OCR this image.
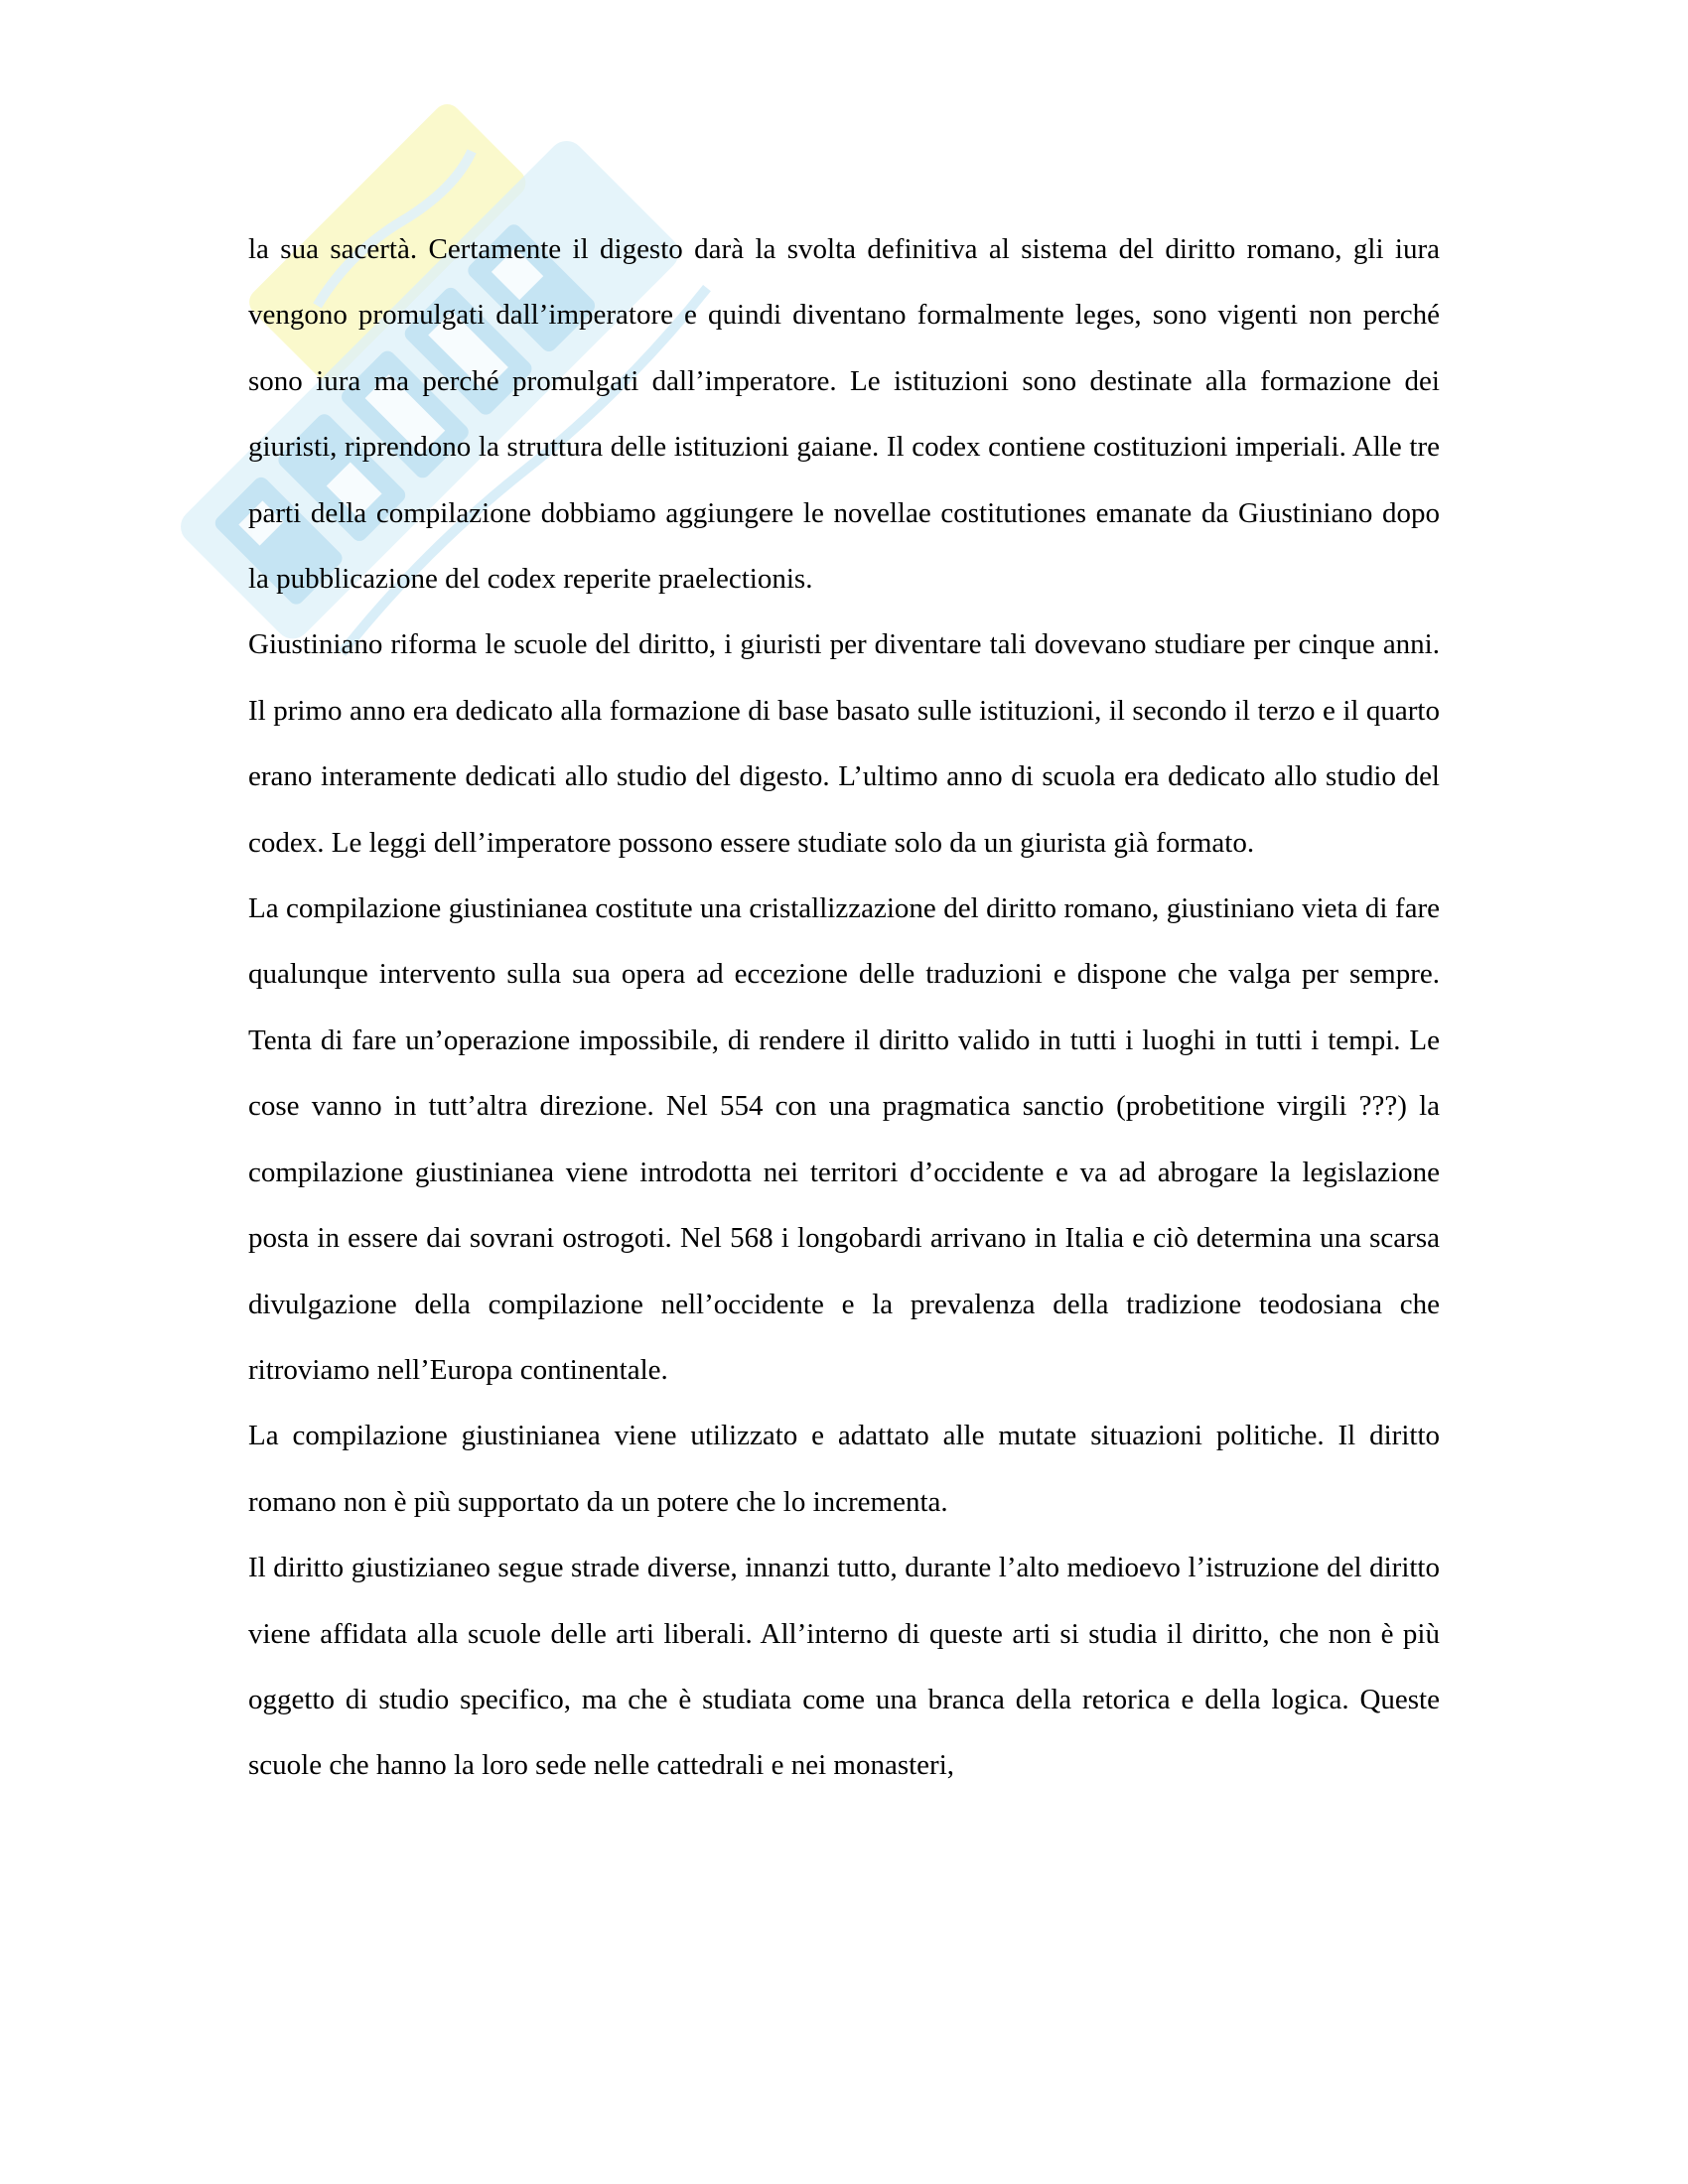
la sua sacertà. Certamente il digesto darà la svolta definitiva al sistema del diritto romano, gli iura vengono promulgati dall’imperatore e quindi diventano formalmente leges, sono vigenti non perché sono iura ma perché promulgati dall’imperatore. Le istituzioni sono destinate alla formazione dei giuristi, riprendono la struttura delle istituzioni gaiane. Il codex contiene costituzioni imperiali. Alle tre parti della compilazione dobbiamo aggiungere le novellae costitutiones emanate da Giustiniano dopo la pubblicazione del codex reperite praelectionis.

Giustiniano riforma le scuole del diritto, i giuristi per diventare tali dovevano studiare per cinque anni. Il primo anno era dedicato alla formazione di base basato sulle istituzioni, il secondo il terzo e il quarto erano interamente dedicati allo studio del digesto. L’ultimo anno di scuola era dedicato allo studio del codex. Le leggi dell’imperatore possono essere studiate solo da un giurista già formato.

La compilazione giustinianea costitute una cristallizzazione del diritto romano, giustiniano vieta di fare qualunque intervento sulla sua opera ad eccezione delle traduzioni e dispone che valga per sempre. Tenta di fare un’operazione impossibile, di rendere il diritto valido in tutti i luoghi in tutti i tempi. Le cose vanno in tutt’altra direzione. Nel 554 con una pragmatica sanctio (probetitione virgili ???) la compilazione giustinianea viene introdotta nei territori d’occidente e va ad abrogare la legislazione posta in essere dai sovrani ostrogoti. Nel 568 i longobardi arrivano in Italia e ciò determina una scarsa divulgazione della compilazione nell’occidente e la prevalenza della tradizione teodosiana che ritroviamo nell’Europa continentale.

La compilazione giustinianea viene utilizzato e adattato alle mutate situazioni politiche. Il diritto romano non è più supportato da un potere che lo incrementa.

Il diritto giustizianeo segue strade diverse, innanzi tutto, durante l’alto medioevo l’istruzione del diritto viene affidata alla scuole delle arti liberali. All’interno di queste arti si studia il diritto, che non è più oggetto di studio specifico, ma che è studiata come una branca della retorica e della logica. Queste scuole che hanno la loro sede nelle cattedrali e nei monasteri,
